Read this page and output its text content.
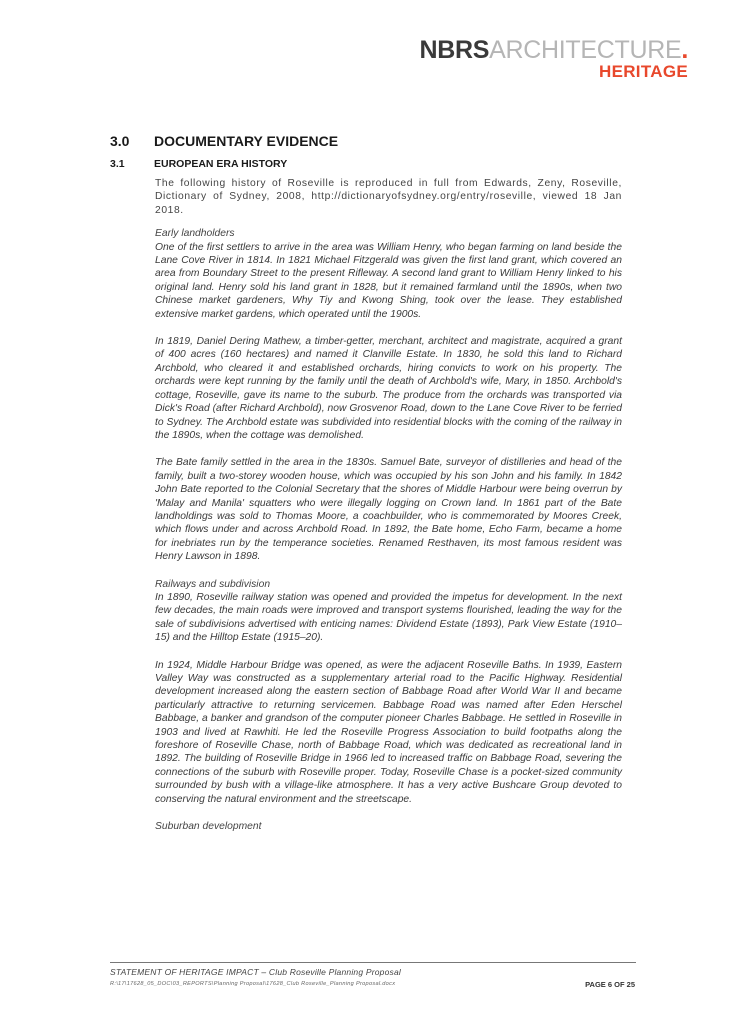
NBRSARCHITECTURE.
HERITAGE
3.0 DOCUMENTARY EVIDENCE
3.1	EUROPEAN ERA HISTORY

The following history of Roseville is reproduced in full from Edwards, Zeny, Roseville, Dictionary of Sydney, 2008, http://dictionaryofsydney.org/entry/roseville, viewed 18 Jan 2018.

Early landholders

One of the first settlers to arrive in the area was William Henry, who began farming on land beside the Lane Cove River in 1814. In 1821 Michael Fitzgerald was given the first land grant, which covered an area from Boundary Street to the present Rifleway. A second land grant to William Henry linked to his original land. Henry sold his land grant in 1828, but it remained farmland until the 1890s, when two Chinese market gardeners, Why Tiy and Kwong Shing, took over the lease. They established extensive market gardens, which operated until the 1900s.

In 1819, Daniel Dering Mathew, a timber-getter, merchant, architect and magistrate, acquired a grant of 400 acres (160 hectares) and named it Clanville Estate. In 1830, he sold this land to Richard Archbold, who cleared it and established orchards, hiring convicts to work on his property. The orchards were kept running by the family until the death of Archbold's wife, Mary, in 1850. Archbold's cottage, Roseville, gave its name to the suburb. The produce from the orchards was transported via Dick's Road (after Richard Archbold), now Grosvenor Road, down to the Lane Cove River to be ferried to Sydney. The Archbold estate was subdivided into residential blocks with the coming of the railway in the 1890s, when the cottage was demolished.

The Bate family settled in the area in the 1830s. Samuel Bate, surveyor of distilleries and head of the family, built a two-storey wooden house, which was occupied by his son John and his family. In 1842 John Bate reported to the Colonial Secretary that the shores of Middle Harbour were being overrun by 'Malay and Manila' squatters who were illegally logging on Crown land. In 1861 part of the Bate landholdings was sold to Thomas Moore, a coachbuilder, who is commemorated by Moores Creek, which flows under and across Archbold Road. In 1892, the Bate home, Echo Farm, became a home for inebriates run by the temperance societies. Renamed Resthaven, its most famous resident was Henry Lawson in 1898.

Railways and subdivision

In 1890, Roseville railway station was opened and provided the impetus for development. In the next few decades, the main roads were improved and transport systems flourished, leading the way for the sale of subdivisions advertised with enticing names: Dividend Estate (1893), Park View Estate (1910–15) and the Hilltop Estate (1915–20).

In 1924, Middle Harbour Bridge was opened, as were the adjacent Roseville Baths. In 1939, Eastern Valley Way was constructed as a supplementary arterial road to the Pacific Highway. Residential development increased along the eastern section of Babbage Road after World War II and became particularly attractive to returning servicemen. Babbage Road was named after Eden Herschel Babbage, a banker and grandson of the computer pioneer Charles Babbage. He settled in Roseville in 1903 and lived at Rawhiti. He led the Roseville Progress Association to build footpaths along the foreshore of Roseville Chase, north of Babbage Road, which was dedicated as recreational land in 1892. The building of Roseville Bridge in 1966 led to increased traffic on Babbage Road, severing the connections of the suburb with Roseville proper. Today, Roseville Chase is a pocket-sized community surrounded by bush with a village-like atmosphere. It has a very active Bushcare Group devoted to conserving the natural environment and the streetscape.

Suburban development

STATEMENT OF HERITAGE IMPACT – Club Roseville Planning Proposal
R:\17\17628_05_DOC\03_REPORTS\Planning Proposal\17628_Club Roseville_Planning Proposal.docx	PAGE 6 OF 25
